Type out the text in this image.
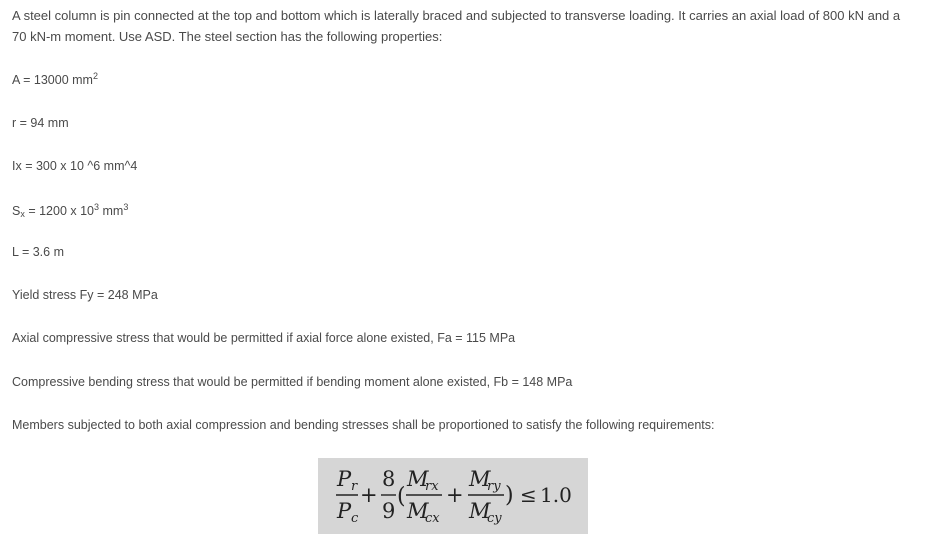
A steel column is pin connected at the top and bottom which is laterally braced and subjected to transverse loading. It carries an axial load of 800 kN and a 70 kN-m moment. Use ASD. The steel section has the following properties:

A = 13000 $mm^2$

r = 94 mm

Ix = 300 x 10 ^6 mm^4

$S_x = 1200$ x $10^3$ $mm^3$

L = 3.6 m

Yield stress Fy = 248 MPa

Axial compressive stress that would be permitted if axial force alone existed, Fa = 115 MPa

Compressive bending stress that would be permitted if bending moment alone existed, Fb = 148 MPa

Members subjected to both axial compression and bending stresses shall be proportioned to satisfy the following requirements:

P r
P c
+
8
9
(
M
rx
M
cx
+
M
ry
M
cy
) ≤ 1.0
